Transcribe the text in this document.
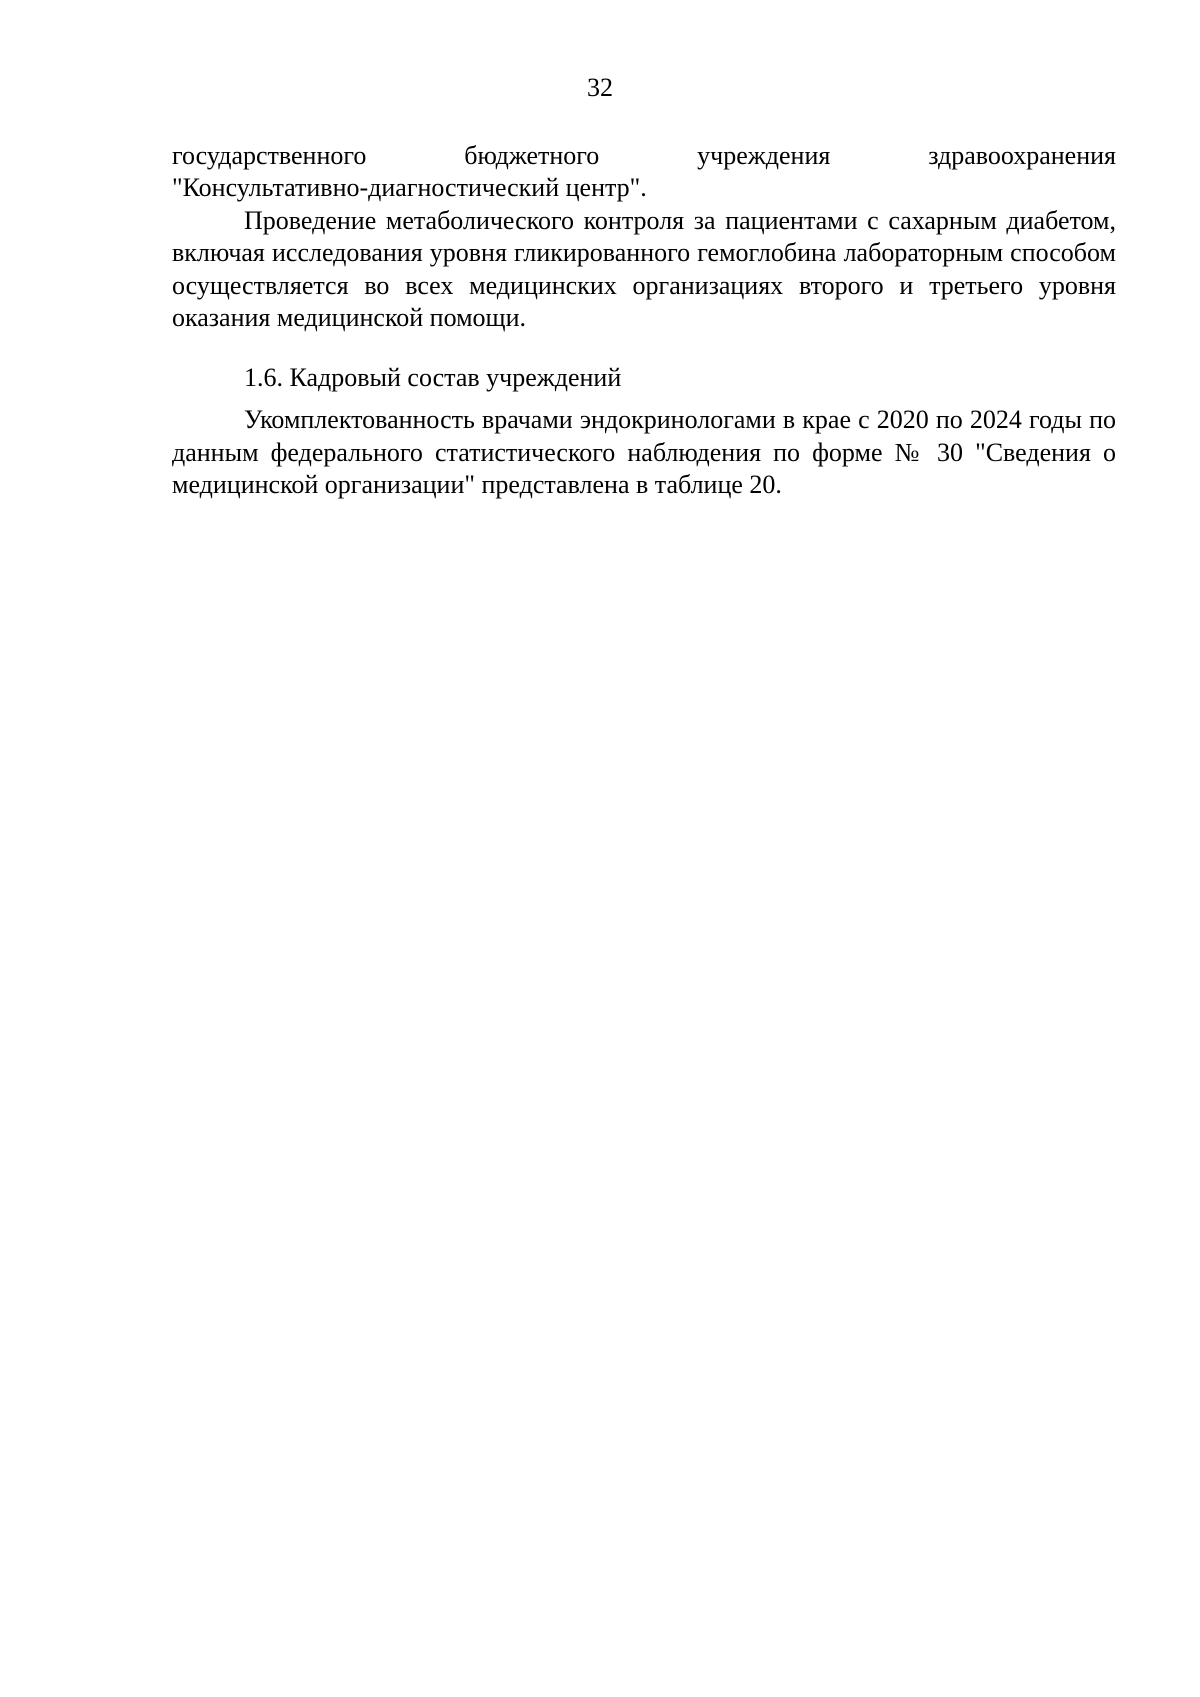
32

государственного бюджетного учреждения здравоохранения
"Консультативно-диагностический центр".

Проведение метаболического контроля за пациентами с сахарным диабетом, включая исследования уровня гликированного гемоглобина лабораторным способом осуществляется во всех медицинских организациях второго и третьего уровня оказания медицинской помощи.

1.6. Кадровый состав учреждений

Укомплектованность врачами эндокринологами в крае с 2020 по 2024 годы по данным федерального статистического наблюдения по форме № 30 "Сведения о медицинской организации" представлена в таблице 20.
